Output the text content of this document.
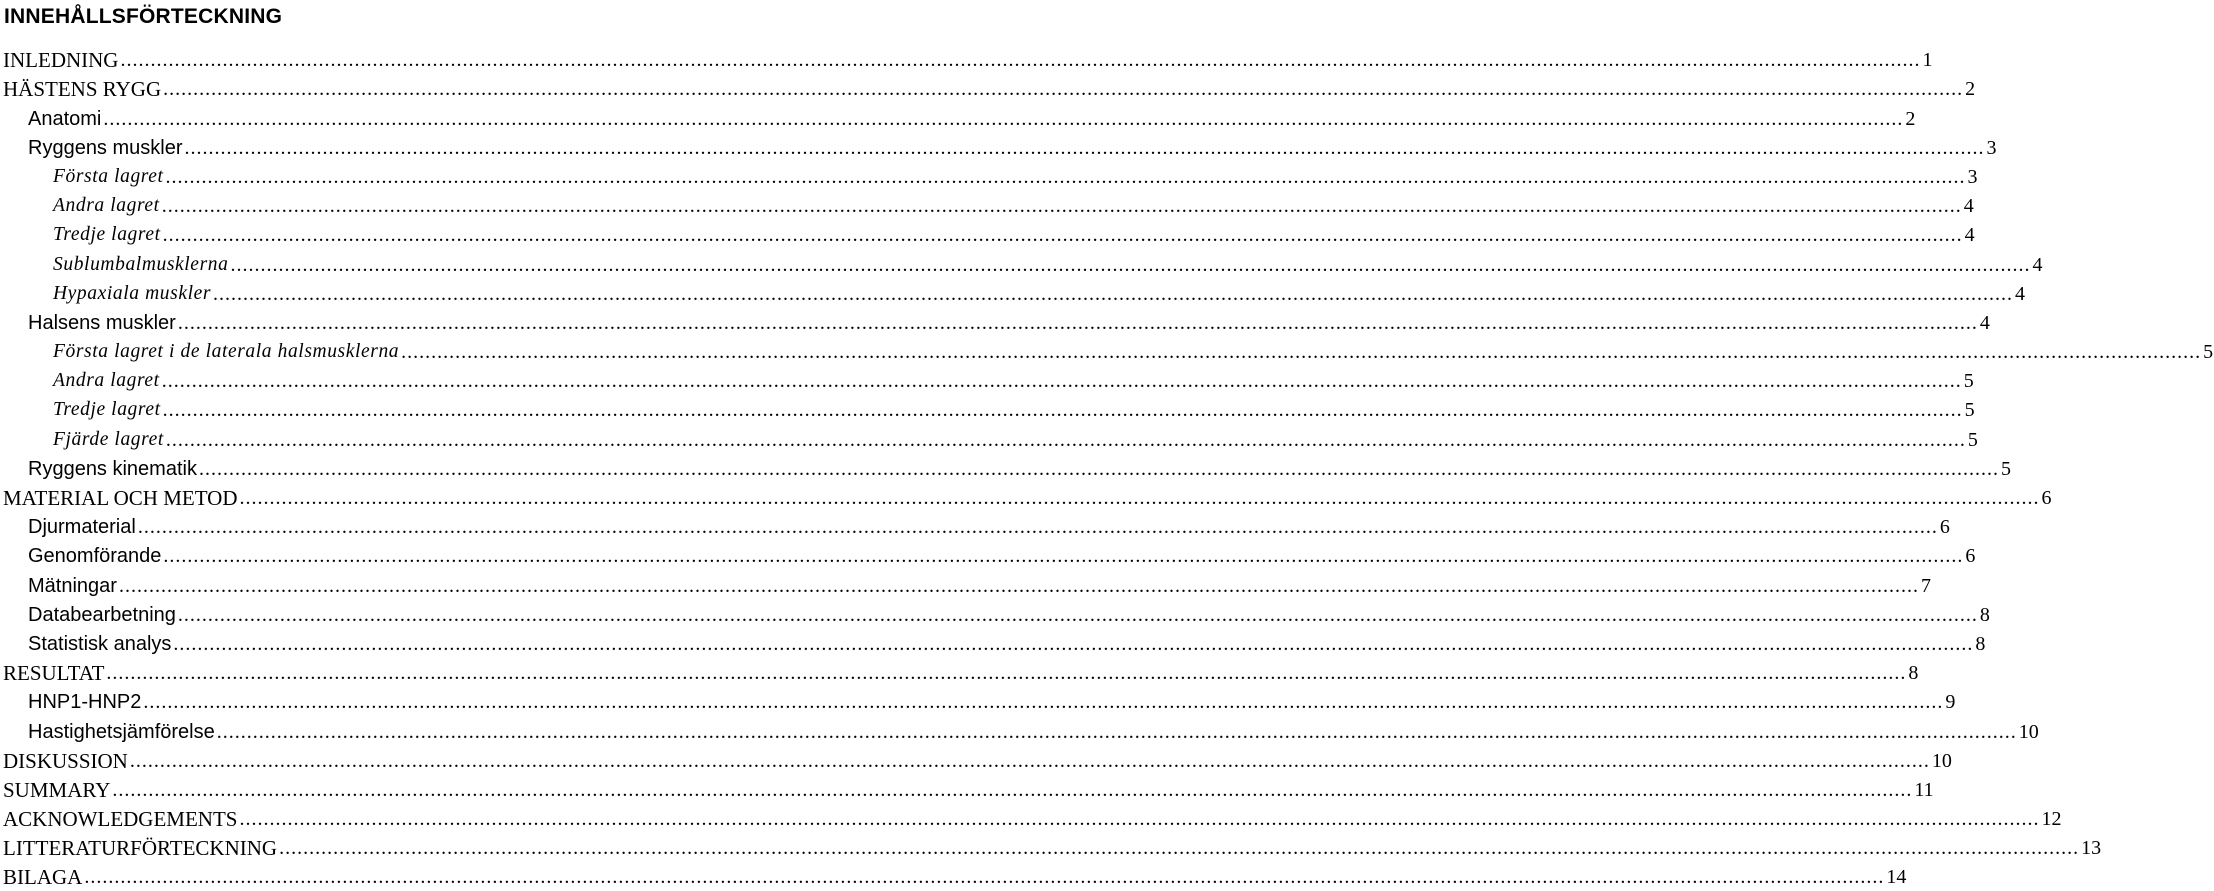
INNEHÅLLSFÖRTECKNING
INLEDNING ............................................................................................................................................................................................................................................................................................................ 1
HÄSTENS RYGG ............................................................................................................................................................................................................................................................................................................ 2
Anatomi ............................................................................................................................................................................................................................................................................................................ 2
Ryggens muskler ............................................................................................................................................................................................................................................................................................................ 3
Första lagret ............................................................................................................................................................................................................................................................................................................ 3
Andra lagret ............................................................................................................................................................................................................................................................................................................ 4
Tredje lagret ............................................................................................................................................................................................................................................................................................................ 4
Sublumbalmusklerna ............................................................................................................................................................................................................................................................................................................ 4
Hypaxiala muskler ............................................................................................................................................................................................................................................................................................................ 4
Halsens muskler ............................................................................................................................................................................................................................................................................................................ 4
Första lagret i de laterala halsmusklerna ............................................................................................................................................................................................................................................................................................................ 5
Andra lagret ............................................................................................................................................................................................................................................................................................................ 5
Tredje lagret ............................................................................................................................................................................................................................................................................................................ 5
Fjärde lagret ............................................................................................................................................................................................................................................................................................................ 5
Ryggens kinematik ............................................................................................................................................................................................................................................................................................................ 5
MATERIAL OCH METOD ............................................................................................................................................................................................................................................................................................................ 6
Djurmaterial ............................................................................................................................................................................................................................................................................................................ 6
Genomförande ............................................................................................................................................................................................................................................................................................................ 6
Mätningar ............................................................................................................................................................................................................................................................................................................ 7
Databearbetning ............................................................................................................................................................................................................................................................................................................ 8
Statistisk analys ............................................................................................................................................................................................................................................................................................................ 8
RESULTAT ............................................................................................................................................................................................................................................................................................................ 8
HNP1-HNP2 ............................................................................................................................................................................................................................................................................................................ 9
Hastighetsjämförelse ............................................................................................................................................................................................................................................................................................................ 10
DISKUSSION ............................................................................................................................................................................................................................................................................................................ 10
SUMMARY ............................................................................................................................................................................................................................................................................................................ 11
ACKNOWLEDGEMENTS ............................................................................................................................................................................................................................................................................................................ 12
LITTERATURFÖRTECKNING ............................................................................................................................................................................................................................................................................................................ 13
BILAGA ............................................................................................................................................................................................................................................................................................................ 14
